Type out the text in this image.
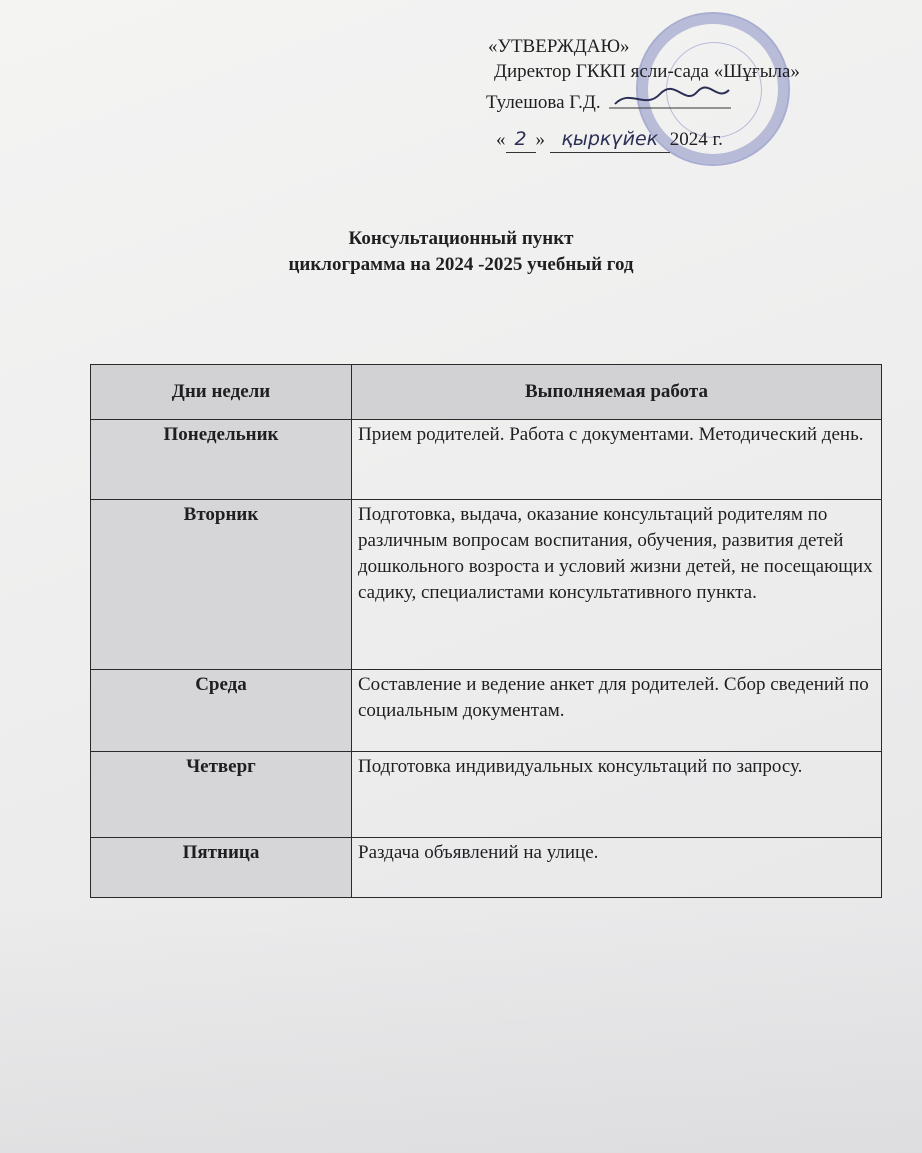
«УТВЕРЖДАЮ»
Директор ГККП ясли-сада «Шұғыла»
Тулешова Г.Д.
« 2 » қыркүйек 2024 г.
Консультационный пункт
циклограмма на 2024 -2025 учебный год
Дни недели	Выполняемая работа
Понедельник	Прием родителей. Работа с документами. Методический день.
Вторник	Подготовка, выдача, оказание консультаций родителям по различным вопросам воспитания, обучения, развития детей дошкольного возроста и условий жизни детей, не посещающих садику, специалистами консультативного пункта.
Среда	Составление и ведение анкет для родителей. Сбор сведений по социальным документам.
Четверг	Подготовка индивидуальных консультаций по запросу.
Пятница	Раздача объявлений на улице.
